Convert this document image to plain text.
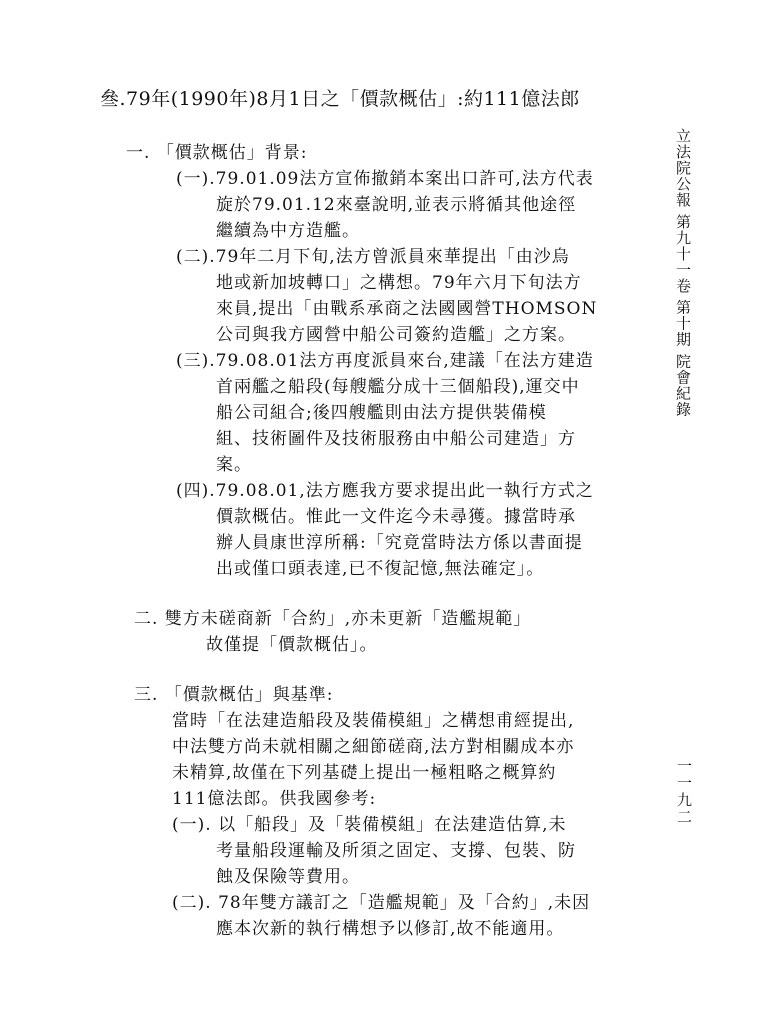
叄.79年(1990年)8月1日之「價款概估」:約111億法郎
立法院公報 第九十一卷 第十期 院會紀錄
一一九二
一. 「價款概估」背景:
(一).79.01.09法方宣佈撤銷本案出口許可,法方代表
旋於79.01.12來臺說明,並表示將循其他途徑
繼續為中方造艦。
(二).79年二月下旬,法方曾派員來華提出「由沙烏
地或新加坡轉口」之構想。79年六月下旬法方
來員,提出「由戰系承商之法國國營THOMSON
公司與我方國營中船公司簽約造艦」之方案。
(三).79.08.01法方再度派員來台,建議「在法方建造
首兩艦之船段(每艘艦分成十三個船段),運交中
船公司組合;後四艘艦則由法方提供裝備模
組、技術圖件及技術服務由中船公司建造」方
案。
(四).79.08.01,法方應我方要求提出此一執行方式之
價款概估。惟此一文件迄今未尋獲。據當時承
辦人員康世淳所稱:「究竟當時法方係以書面提
出或僅口頭表達,已不復記憶,無法確定」。
二. 雙方未磋商新「合約」,亦未更新「造艦規範」
故僅提「價款概估」。
三. 「價款概估」與基準:
當時「在法建造船段及裝備模組」之構想甫經提出,
中法雙方尚未就相關之細節磋商,法方對相關成本亦
未精算,故僅在下列基礎上提出一極粗略之概算約
111億法郎。供我國參考:
(一). 以「船段」及「裝備模組」在法建造估算,未
考量船段運輸及所須之固定、支撐、包裝、防
蝕及保險等費用。
(二). 78年雙方議訂之「造艦規範」及「合約」,未因
應本次新的執行構想予以修訂,故不能適用。
